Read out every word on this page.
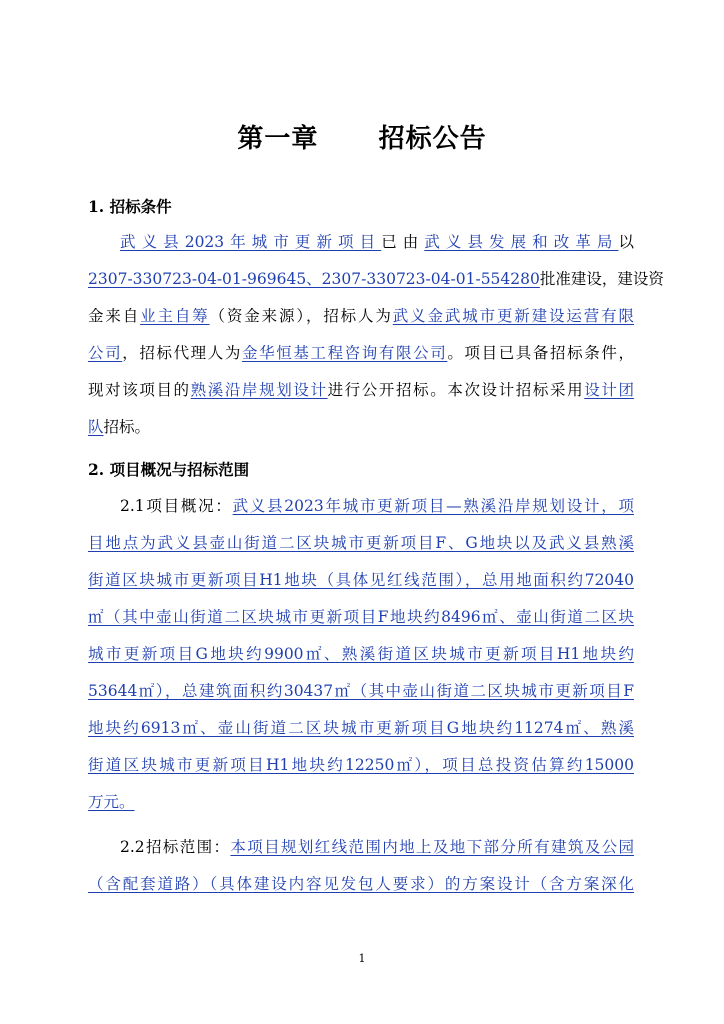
第一章      招标公告
1. 招标条件
武义县2023年城市更新项目已由武义县发展和改革局以
2307-330723-04-01-969645、2307-330723-04-01-554280批准建设，建设资
金来自业主自筹（资金来源），招标人为武义金武城市更新建设运营有限
公司，招标代理人为金华恒基工程咨询有限公司。项目已具备招标条件，
现对该项目的熟溪沿岸规划设计进行公开招标。本次设计招标采用设计团
队招标。
2. 项目概况与招标范围
2.1项目概况：武义县2023年城市更新项目—熟溪沿岸规划设计，项
目地点为武义县壶山街道二区块城市更新项目F、G地块以及武义县熟溪
街道区块城市更新项目H1地块（具体见红线范围），总用地面积约72040
㎡（其中壶山街道二区块城市更新项目F地块约8496㎡、壶山街道二区块
城市更新项目G地块约9900㎡、熟溪街道区块城市更新项目H1地块约
53644㎡），总建筑面积约30437㎡（其中壶山街道二区块城市更新项目F
地块约6913㎡、壶山街道二区块城市更新项目G地块约11274㎡、熟溪
街道区块城市更新项目H1地块约12250㎡），项目总投资估算约15000
万元。
2.2招标范围：本项目规划红线范围内地上及地下部分所有建筑及公园
（含配套道路）（具体建设内容见发包人要求）的方案设计（含方案深化
1
